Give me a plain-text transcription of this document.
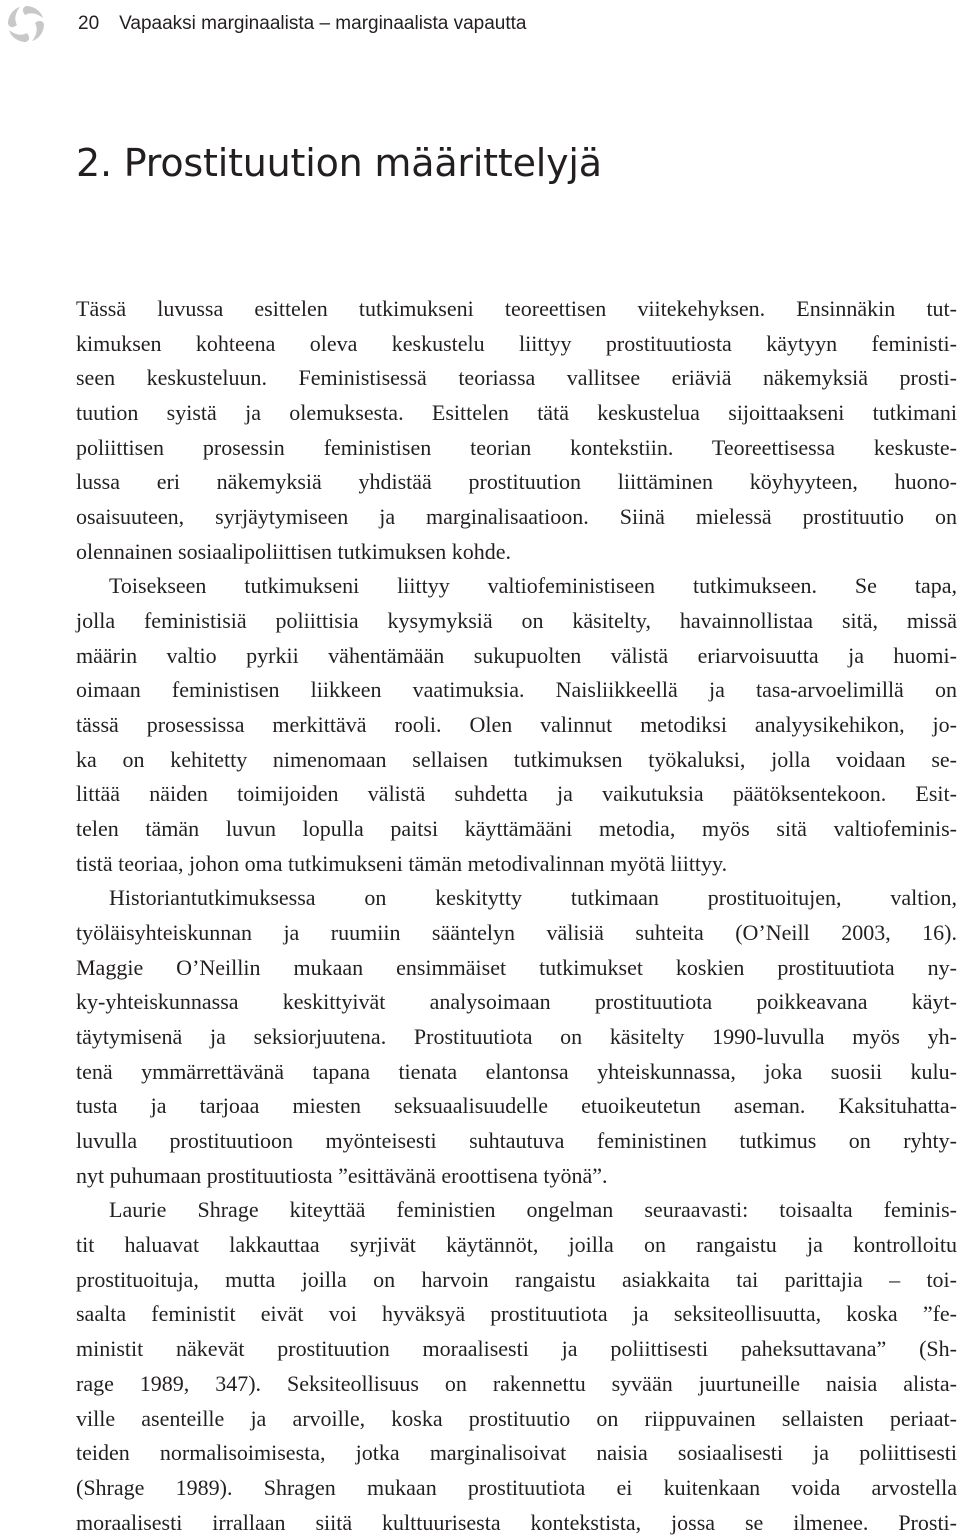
20 Vapaaksi marginaalista – marginaalista vapautta
2. Prostituution määrittelyjä
Tässä luvussa esittelen tutkimukseni teoreettisen viitekehyksen. Ensinnäkin tut-
kimuksen kohteena oleva keskustelu liittyy prostituutiosta käytyyn feministi-
seen keskusteluun. Feministisessä teoriassa vallitsee eriäviä näkemyksiä prosti-
tuution syistä ja olemuksesta. Esittelen tätä keskustelua sijoittaakseni tutkimani
poliittisen prosessin feministisen teorian kontekstiin. Teoreettisessa keskuste-
lussa eri näkemyksiä yhdistää prostituution liittäminen köyhyyteen, huono-
osaisuuteen, syrjäytymiseen ja marginalisaatioon. Siinä mielessä prostituutio on
olennainen sosiaalipoliittisen tutkimuksen kohde.
Toisekseen tutkimukseni liittyy valtiofeministiseen tutkimukseen. Se tapa,
jolla feministisiä poliittisia kysymyksiä on käsitelty, havainnollistaa sitä, missä
määrin valtio pyrkii vähentämään sukupuolten välistä eriarvoisuutta ja huomi-
oimaan feministisen liikkeen vaatimuksia. Naisliikkeellä ja tasa-arvoelimillä on
tässä prosessissa merkittävä rooli. Olen valinnut metodiksi analyysikehikon, jo-
ka on kehitetty nimenomaan sellaisen tutkimuksen työkaluksi, jolla voidaan se-
littää näiden toimijoiden välistä suhdetta ja vaikutuksia päätöksentekoon. Esit-
telen tämän luvun lopulla paitsi käyttämääni metodia, myös sitä valtiofeminis-
tistä teoriaa, johon oma tutkimukseni tämän metodivalinnan myötä liittyy.
Historiantutkimuksessa on keskitytty tutkimaan prostituoitujen, valtion,
työläisyhteiskunnan ja ruumiin sääntelyn välisiä suhteita (O’Neill 2003, 16).
Maggie O’Neillin mukaan ensimmäiset tutkimukset koskien prostituutiota ny-
ky-yhteiskunnassa keskittyivät analysoimaan prostituutiota poikkeavana käyt-
täytymisenä ja seksiorjuutena. Prostituutiota on käsitelty 1990-luvulla myös yh-
tenä ymmärrettävänä tapana tienata elantonsa yhteiskunnassa, joka suosii kulu-
tusta ja tarjoaa miesten seksuaalisuudelle etuoikeutetun aseman. Kaksituhatta-
luvulla prostituutioon myönteisesti suhtautuva feministinen tutkimus on ryhty-
nyt puhumaan prostituutiosta ”esittävänä eroottisena työnä”.
Laurie Shrage kiteyttää feministien ongelman seuraavasti: toisaalta feminis-
tit haluavat lakkauttaa syrjivät käytännöt, joilla on rangaistu ja kontrolloitu
prostituoituja, mutta joilla on harvoin rangaistu asiakkaita tai parittajia – toi-
saalta feministit eivät voi hyväksyä prostituutiota ja seksiteollisuutta, koska ”fe-
ministit näkevät prostituution moraalisesti ja poliittisesti paheksuttavana” (Sh-
rage 1989, 347). Seksiteollisuus on rakennettu syvään juurtuneille naisia alista-
ville asenteille ja arvoille, koska prostituutio on riippuvainen sellaisten periaat-
teiden normalisoimisesta, jotka marginalisoivat naisia sosiaalisesti ja poliittisesti
(Shrage 1989). Shragen mukaan prostituutiota ei kuitenkaan voida arvostella
moraalisesti irrallaan siitä kulttuurisesta kontekstista, jossa se ilmenee. Prosti-
